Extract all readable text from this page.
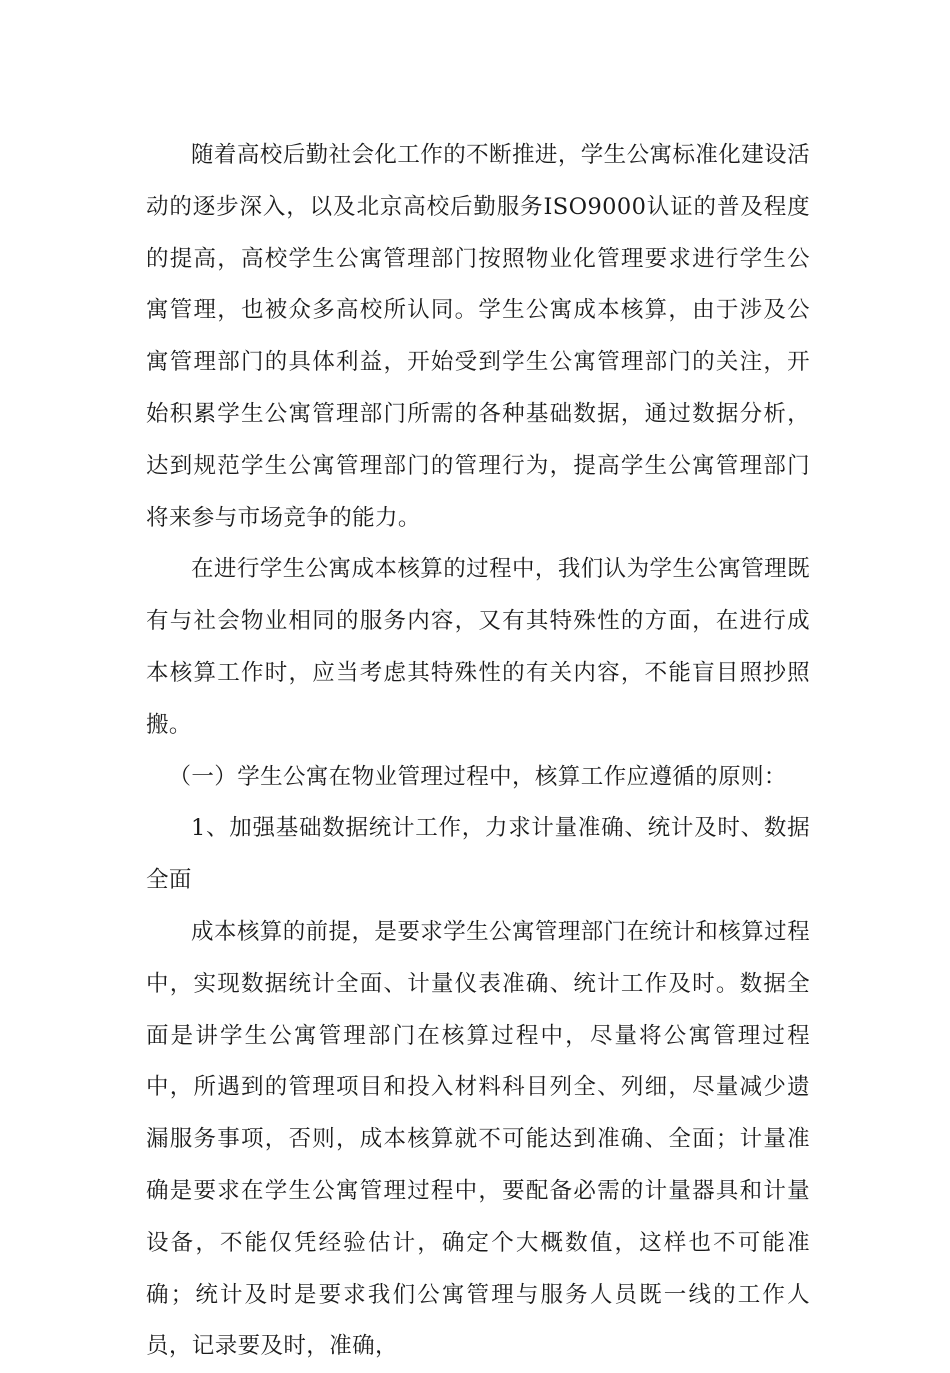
随着高校后勤社会化工作的不断推进，学生公寓标准化建设活动的逐步深入，以及北京高校后勤服务ISO9000认证的普及程度的提高，高校学生公寓管理部门按照物业化管理要求进行学生公寓管理，也被众多高校所认同。学生公寓成本核算，由于涉及公寓管理部门的具体利益，开始受到学生公寓管理部门的关注，开始积累学生公寓管理部门所需的各种基础数据，通过数据分析，达到规范学生公寓管理部门的管理行为，提高学生公寓管理部门将来参与市场竞争的能力。

在进行学生公寓成本核算的过程中，我们认为学生公寓管理既有与社会物业相同的服务内容，又有其特殊性的方面，在进行成本核算工作时，应当考虑其特殊性的有关内容，不能盲目照抄照搬。

（一）学生公寓在物业管理过程中，核算工作应遵循的原则：

1、加强基础数据统计工作，力求计量准确、统计及时、数据全面

成本核算的前提，是要求学生公寓管理部门在统计和核算过程中，实现数据统计全面、计量仪表准确、统计工作及时。数据全面是讲学生公寓管理部门在核算过程中，尽量将公寓管理过程中，所遇到的管理项目和投入材料科目列全、列细，尽量减少遗漏服务事项，否则，成本核算就不可能达到准确、全面；计量准确是要求在学生公寓管理过程中，要配备必需的计量器具和计量设备，不能仅凭经验估计，确定个大概数值，这样也不可能准确；统计及时是要求我们公寓管理与服务人员既一线的工作人员，记录要及时，准确，
